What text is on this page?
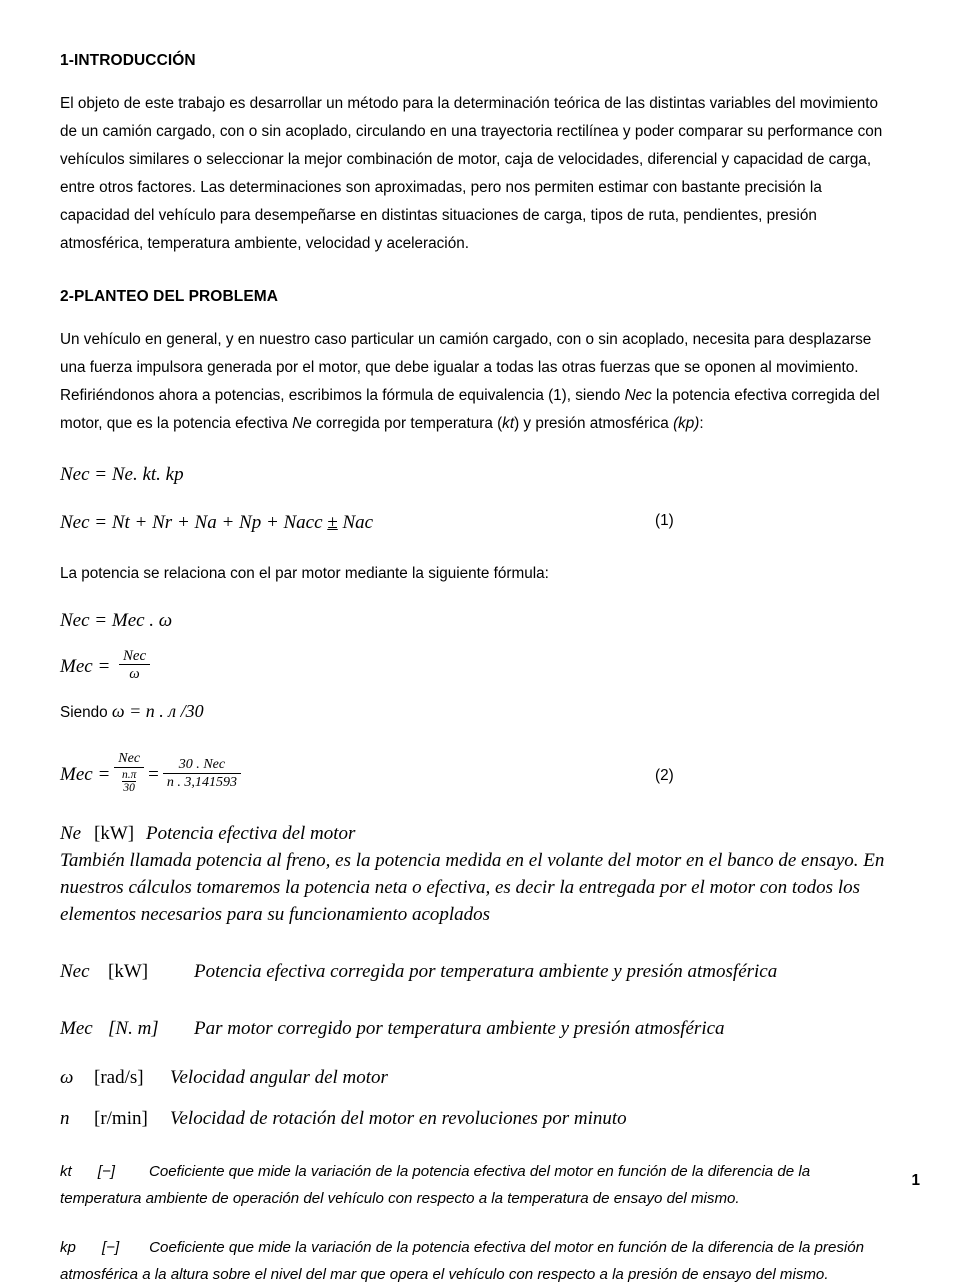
1-INTRODUCCIÓN

El objeto de este trabajo es desarrollar un método para la determinación teórica de las distintas variables del movimiento de un camión cargado, con o sin acoplado, circulando en una trayectoria rectilínea y poder comparar su performance con vehículos similares o seleccionar la mejor combinación de motor, caja de velocidades, diferencial y capacidad de carga, entre otros factores. Las determinaciones son aproximadas, pero nos permiten estimar con bastante precisión la capacidad del vehículo para desempeñarse en distintas situaciones de carga, tipos de ruta, pendientes, presión atmosférica, temperatura ambiente, velocidad y aceleración.

2-PLANTEO DEL PROBLEMA

Un vehículo en general, y en nuestro caso particular un camión cargado, con o sin acoplado, necesita para desplazarse una fuerza impulsora generada por el motor, que debe igualar a todas las otras fuerzas que se oponen al movimiento. Refiriéndonos ahora a potencias, escribimos la fórmula de equivalencia (1), siendo Nec la potencia efectiva corregida del motor, que es la potencia efectiva Ne corregida por temperatura (kt) y presión atmosférica (kp):

Nec = Ne. kt. kp
Nec = Nt + Nr + Na + Np + Nacc ± Nac	(1)

La potencia se relaciona con el par motor mediante la siguiente fórmula:

Nec = Mec . ω
Mec = $\frac{\text{Nec}}{\omega}$

Siendo ω = n . л /30

Mec = $\frac{\text{Nec}}{\frac{n.\pi}{30}} = \frac{\text{30 . Nec}}{n . 3,141593}$	(2)
Ne [kW] Potencia efectiva del motor

También llamada potencia al freno, es la potencia medida en el volante del motor en el banco de ensayo. En nuestros cálculos tomaremos la potencia neta o efectiva, es decir la entregada por el motor con todos los elementos necesarios para su funcionamiento acoplados

Nec [kW] Potencia efectiva corregida por temperatura ambiente y presión atmosférica
Mec [N. m] Par motor corregido por temperatura ambiente y presión atmosférica
ω [rad/s] Velocidad angular del motor
n [r/min] Velocidad de rotación del motor en revoluciones por minuto

kt [−] Coeficiente que mide la variación de la potencia efectiva del motor en función de la diferencia de la temperatura ambiente de operación del vehículo con respecto a la temperatura de ensayo del mismo.

kp [−] Coeficiente que mide la variación de la potencia efectiva del motor en función de la diferencia de la presión atmosférica a la altura sobre el nivel del mar que opera el vehículo con respecto a la presión de ensayo del mismo.

1
